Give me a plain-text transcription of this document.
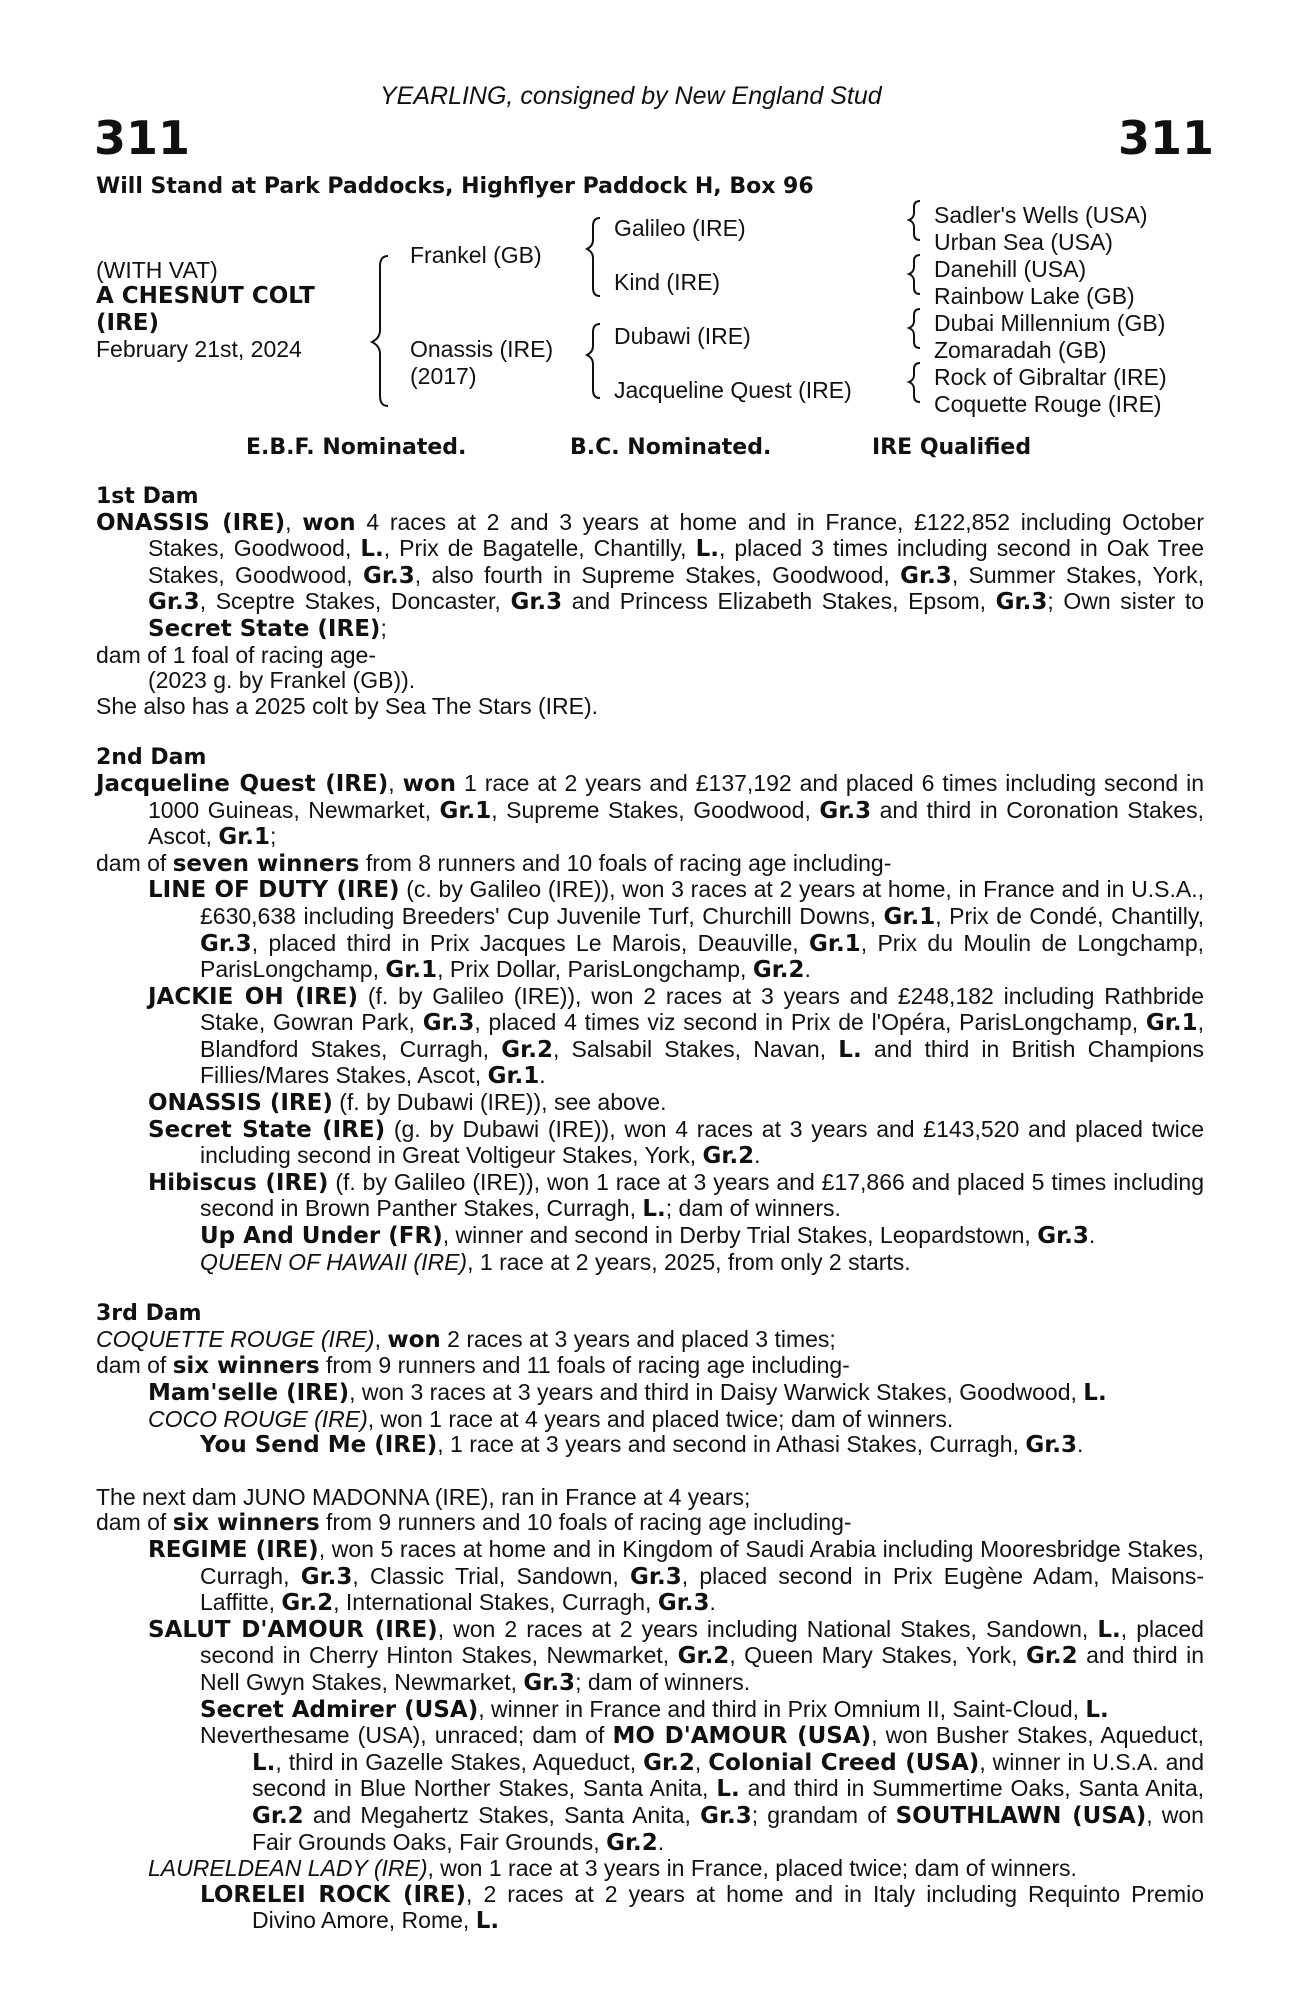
YEARLING, consigned by New England Stud
311	311
Will Stand at Park Paddocks, Highflyer Paddock H, Box 96
(WITH VAT)
A CHESNUT COLT
(IRE)
February 21st, 2024
Frankel (GB)
Onassis (IRE)
(2017)
Galileo (IRE)
Kind (IRE)
Dubawi (IRE)
Jacqueline Quest (IRE)
Sadler's Wells (USA)
Urban Sea (USA)
Danehill (USA)
Rainbow Lake (GB)
Dubai Millennium (GB)
Zomaradah (GB)
Rock of Gibraltar (IRE)
Coquette Rouge (IRE)
E.B.F. Nominated.	B.C. Nominated.	IRE Qualified
1st Dam
ONASSIS (IRE), won 4 races at 2 and 3 years at home and in France, £122,852 including October Stakes, Goodwood, L., Prix de Bagatelle, Chantilly, L., placed 3 times including second in Oak Tree Stakes, Goodwood, Gr.3, also fourth in Supreme Stakes, Goodwood, Gr.3, Summer Stakes, York, Gr.3, Sceptre Stakes, Doncaster, Gr.3 and Princess Elizabeth Stakes, Epsom, Gr.3; Own sister to Secret State (IRE);
dam of 1 foal of racing age-
(2023 g. by Frankel (GB)).
She also has a 2025 colt by Sea The Stars (IRE).
2nd Dam
Jacqueline Quest (IRE), won 1 race at 2 years and £137,192 and placed 6 times including second in 1000 Guineas, Newmarket, Gr.1, Supreme Stakes, Goodwood, Gr.3 and third in Coronation Stakes, Ascot, Gr.1;
dam of seven winners from 8 runners and 10 foals of racing age including-
LINE OF DUTY (IRE) (c. by Galileo (IRE)), won 3 races at 2 years at home, in France and in U.S.A., £630,638 including Breeders' Cup Juvenile Turf, Churchill Downs, Gr.1, Prix de Condé, Chantilly, Gr.3, placed third in Prix Jacques Le Marois, Deauville, Gr.1, Prix du Moulin de Longchamp, ParisLongchamp, Gr.1, Prix Dollar, ParisLongchamp, Gr.2.
JACKIE OH (IRE) (f. by Galileo (IRE)), won 2 races at 3 years and £248,182 including Rathbride Stake, Gowran Park, Gr.3, placed 4 times viz second in Prix de l'Opéra, ParisLongchamp, Gr.1, Blandford Stakes, Curragh, Gr.2, Salsabil Stakes, Navan, L. and third in British Champions Fillies/Mares Stakes, Ascot, Gr.1.
ONASSIS (IRE) (f. by Dubawi (IRE)), see above.
Secret State (IRE) (g. by Dubawi (IRE)), won 4 races at 3 years and £143,520 and placed twice including second in Great Voltigeur Stakes, York, Gr.2.
Hibiscus (IRE) (f. by Galileo (IRE)), won 1 race at 3 years and £17,866 and placed 5 times including second in Brown Panther Stakes, Curragh, L.; dam of winners.
Up And Under (FR), winner and second in Derby Trial Stakes, Leopardstown, Gr.3.
QUEEN OF HAWAII (IRE), 1 race at 2 years, 2025, from only 2 starts.
3rd Dam
COQUETTE ROUGE (IRE), won 2 races at 3 years and placed 3 times;
dam of six winners from 9 runners and 11 foals of racing age including-
Mam'selle (IRE), won 3 races at 3 years and third in Daisy Warwick Stakes, Goodwood, L.
COCO ROUGE (IRE), won 1 race at 4 years and placed twice; dam of winners.
You Send Me (IRE), 1 race at 3 years and second in Athasi Stakes, Curragh, Gr.3.
The next dam JUNO MADONNA (IRE), ran in France at 4 years;
dam of six winners from 9 runners and 10 foals of racing age including-
REGIME (IRE), won 5 races at home and in Kingdom of Saudi Arabia including Mooresbridge Stakes, Curragh, Gr.3, Classic Trial, Sandown, Gr.3, placed second in Prix Eugène Adam, Maisons-Laffitte, Gr.2, International Stakes, Curragh, Gr.3.
SALUT D'AMOUR (IRE), won 2 races at 2 years including National Stakes, Sandown, L., placed second in Cherry Hinton Stakes, Newmarket, Gr.2, Queen Mary Stakes, York, Gr.2 and third in Nell Gwyn Stakes, Newmarket, Gr.3; dam of winners.
Secret Admirer (USA), winner in France and third in Prix Omnium II, Saint-Cloud, L.
Neverthesame (USA), unraced; dam of MO D'AMOUR (USA), won Busher Stakes, Aqueduct, L., third in Gazelle Stakes, Aqueduct, Gr.2, Colonial Creed (USA), winner in U.S.A. and second in Blue Norther Stakes, Santa Anita, L. and third in Summertime Oaks, Santa Anita, Gr.2 and Megahertz Stakes, Santa Anita, Gr.3; grandam of SOUTHLAWN (USA), won Fair Grounds Oaks, Fair Grounds, Gr.2.
LAURELDEAN LADY (IRE), won 1 race at 3 years in France, placed twice; dam of winners.
LORELEI ROCK (IRE), 2 races at 2 years at home and in Italy including Requinto Premio Divino Amore, Rome, L.
